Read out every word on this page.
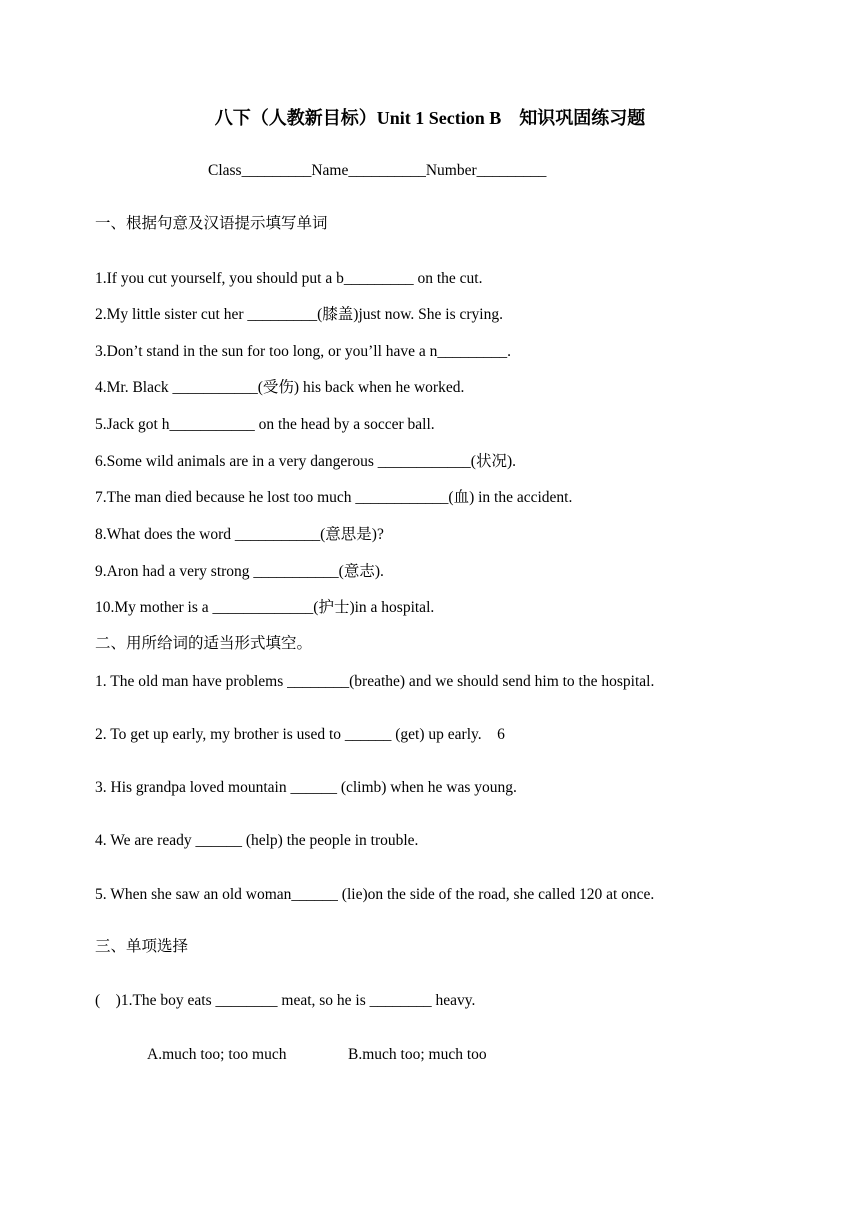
八下（人教新目标）Unit 1 Section B　知识巩固练习题
Class_________Name__________Number_________
一、根据句意及汉语提示填写单词
1.If you cut yourself, you should put a b_________ on the cut.
2.My little sister cut her _________(膝盖)just now. She is crying.
3.Don’t stand in the sun for too long, or you’ll have a n_________.
4.Mr. Black ___________(受伤) his back when he worked.
5.Jack got h___________ on the head by a soccer ball.
6.Some wild animals are in a very dangerous ____________(状况).
7.The man died because he lost too much ____________(血) in the accident.
8.What does the word ___________(意思是)?
9.Aron had a very strong ___________(意志).
10.My mother is a _____________(护士)in a hospital.
二、用所给词的适当形式填空。
1. The old man have problems ________(breathe) and we should send him to the hospital.
2. To get up early, my brother is used to ______ (get) up early.　6
3. His grandpa loved mountain ______ (climb) when he was young.
4. We are ready ______ (help) the people in trouble.
5. When she saw an old woman______ (lie)on the side of the road, she called 120 at once.
三、单项选择
(　)1.The boy eats ________ meat, so he is ________ heavy.
A.much too; too much	B.much too; much too
